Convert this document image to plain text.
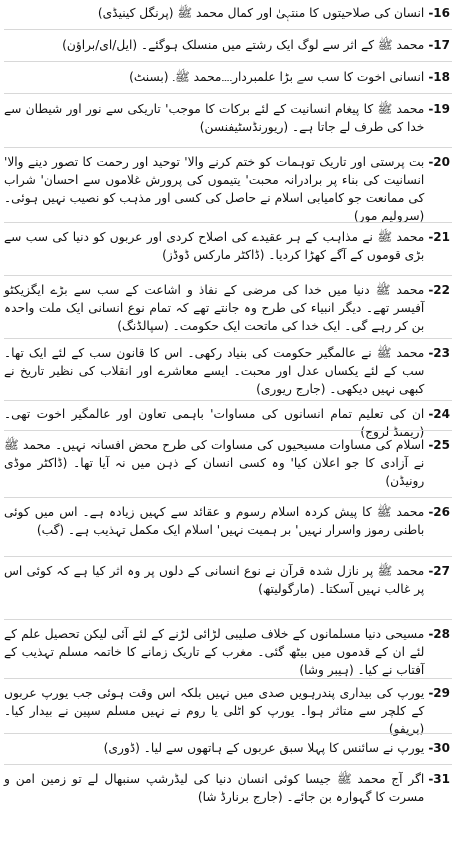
-16
انسان کی صلاحیتوں کا منتہیٰ اور کمال محمد ﷺ (پرنگل کینیڈی)
-17
محمد ﷺ کے اثر سے لوگ ایک رشتے میں منسلک ہوگئے۔ (ایل/ای/براؤن)
-18
انسانی اخوت کا سب سے بڑا علمبردار۔۔۔۔محمد ﷺ۔ (بسنٹ)
-19
محمد ﷺ کا پیغام انسانیت کے لئے برکات کا موجب' تاریکی سے نور اور شیطان سے خدا کی طرف لے جاتا ہے۔ (ریورنڈسٹیفنسن)
-20
بت پرستی اور تاریک توہمات کو ختم کرنے والا' توحید اور رحمت کا تصور دینے والا' انسانیت کی بناء پر برادرانہ محبت' یتیموں کی پرورش غلاموں سے احسان' شراب کی ممانعت جو کامیابی اسلام نے حاصل کی کسی اور مذہب کو نصیب نہیں ہوئی۔ (سرولیم مور)
-21
محمد ﷺ نے مذاہب کے ہر عقیدے کی اصلاح کردی اور عربوں کو دنیا کی سب سے بڑی قوموں کے آگے کھڑا کردیا۔ (ڈاکٹر مارکس ڈوڈز)
-22
محمد ﷺ دنیا میں خدا کی مرضی کے نفاذ و اشاعت کے سب سے بڑے ایگزیکٹو آفیسر تھے۔ دیگر انبیاء کی طرح وہ جانتے تھے کہ تمام نوع انسانی ایک ملت واحدہ بن کر رہے گی۔ ایک خدا کی ماتحت ایک حکومت۔ (سپالڈنگ)
-23
محمد ﷺ نے عالمگیر حکومت کی بنیاد رکھی۔ اس کا قانون سب کے لئے ایک تھا۔ سب کے لئے یکساں عدل اور محبت۔ ایسے معاشرے اور انقلاب کی نظیر تاریخ نے کبھی نہیں دیکھی۔ (جارج ریوری)
-24
ان کی تعلیم تمام انسانوں کی مساوات' باہمی تعاون اور عالمگیر اخوت تھی۔ (ریمنڈ لروج)
-25
اسلام کی مساوات مسیحیوں کی مساوات کی طرح محض افسانہ نہیں۔ محمد ﷺ نے آزادی کا جو اعلان کیا' وہ کسی انسان کے ذہن میں نہ آیا تھا۔ (ڈاکٹر موڈی رونیڈن)
-26
محمد ﷺ کا پیش کردہ اسلام رسوم و عقائد سے کہیں زیادہ ہے۔ اس میں کوئی باطنی رموز واسرار نہیں' بر ہمیت نہیں' اسلام ایک مکمل تہذیب ہے۔ (گب)
-27
محمد ﷺ پر نازل شدہ قرآن نے نوع انسانی کے دلوں پر وہ اثر کیا ہے کہ کوئی اس پر غالب نہیں آسکتا۔ (مارگولیتھ)
-28
مسیحی دنیا مسلمانوں کے خلاف صلیبی لڑائی لڑنے کے لئے آئی لیکن تحصیل علم کے لئے ان کے قدموں میں بیٹھ گئی۔ مغرب کے تاریک زمانے کا خاتمہ مسلم تہذیب کے آفتاب نے کیا۔ (ہیبر وشا)
-29
یورپ کی بیداری پندرہویں صدی میں نہیں بلکہ اس وقت ہوئی جب یورپ عربوں کے کلچر سے متاثر ہوا۔ یورپ کو اٹلی یا روم نے نہیں مسلم سپین نے بیدار کیا۔ (بریفو)
-30
یورپ نے سائنس کا پہلا سبق عربوں کے ہاتھوں سے لیا۔ (ڈوری)
-31
اگر آج محمد ﷺ جیسا کوئی انسان دنیا کی لیڈرشپ سنبھال لے تو زمین امن و مسرت کا گہوارہ بن جائے۔ (جارج برنارڈ شا)
